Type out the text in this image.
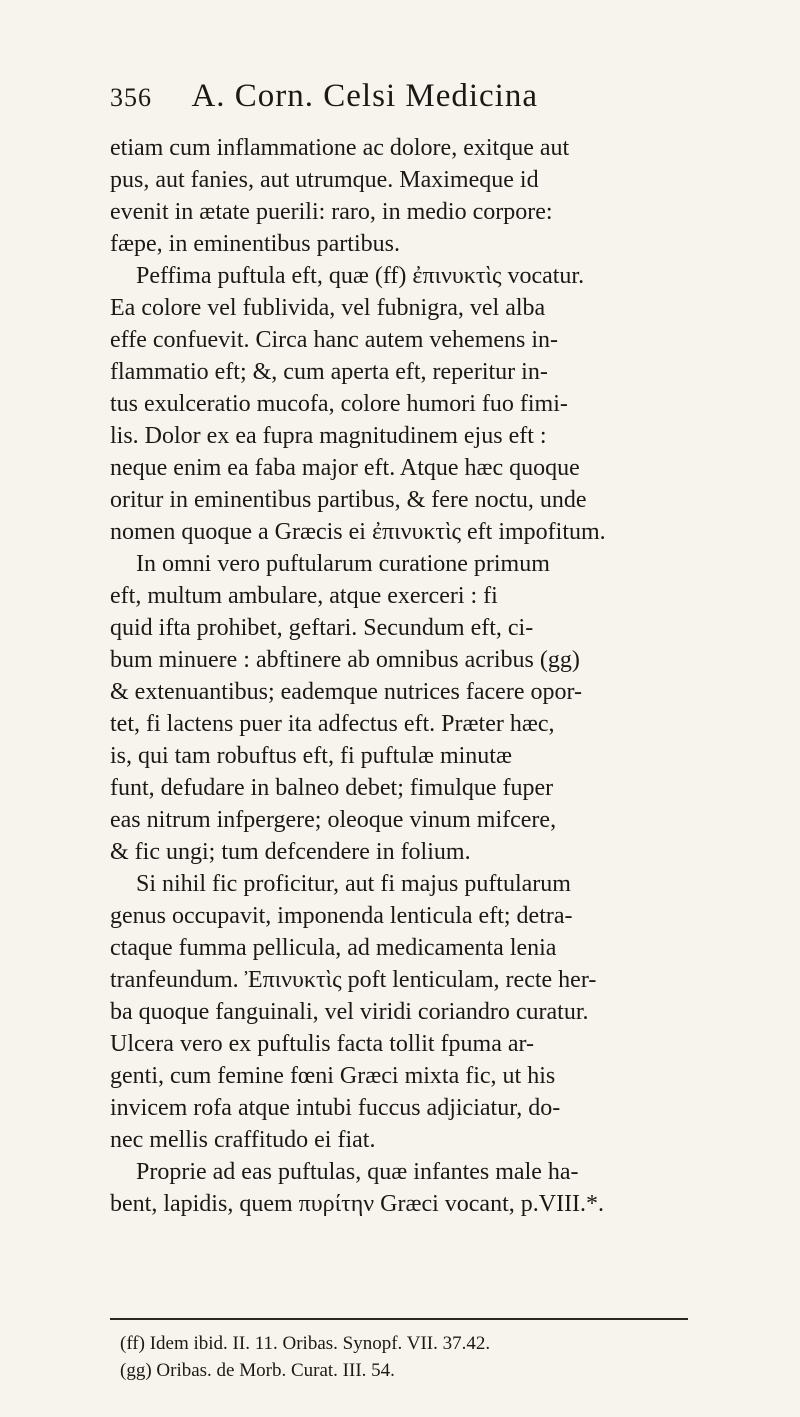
356 A. Corn. Celsi Medicina
etiam cum inflammatione ac dolore, exitque aut
pus, aut fanies, aut utrumque. Maximeque id
evenit in ætate puerili: raro, in medio corpore:
fæpe, in eminentibus partibus.
Peffima puftula eft, quæ (ff) ἐπινυκτὶς vocatur.
Ea colore vel fublivida, vel fubnigra, vel alba
effe confuevit. Circa hanc autem vehemens in-
flammatio eft; &, cum aperta eft, reperitur in-
tus exulceratio mucofa, colore humori fuo fimi-
lis. Dolor ex ea fupra magnitudinem ejus eft :
neque enim ea faba major eft. Atque hæc quoque
oritur in eminentibus partibus, & fere noctu, unde
nomen quoque a Græcis ei ἐπινυκτὶς eft impofitum.
In omni vero puftularum curatione primum
eft, multum ambulare, atque exerceri : fi
quid ifta prohibet, geftari. Secundum eft, ci-
bum minuere : abftinere ab omnibus acribus (gg)
& extenuantibus; eademque nutrices facere opor-
tet, fi lactens puer ita adfectus eft. Præter hæc,
is, qui tam robuftus eft, fi puftulæ minutæ
funt, defudare in balneo debet; fimulque fuper
eas nitrum infpergere; oleoque vinum mifcere,
& fic ungi; tum defcendere in folium.
Si nihil fic proficitur, aut fi majus puftularum
genus occupavit, imponenda lenticula eft; detra-
ctaque fumma pellicula, ad medicamenta lenia
tranfeundum. Ἐπινυκτὶς poft lenticulam, recte her-
ba quoque fanguinali, vel viridi coriandro curatur.
Ulcera vero ex puftulis facta tollit fpuma ar-
genti, cum femine fœni Græci mixta fic, ut his
invicem rofa atque intubi fuccus adjiciatur, do-
nec mellis craffitudo ei fiat.
Proprie ad eas puftulas, quæ infantes male ha-
bent, lapidis, quem πυρίτην Græci vocant, p.VIII.*.
(ff) Idem ibid. II. 11. Oribas. Synopf. VII. 37.42.
(gg) Oribas. de Morb. Curat. III. 54.
